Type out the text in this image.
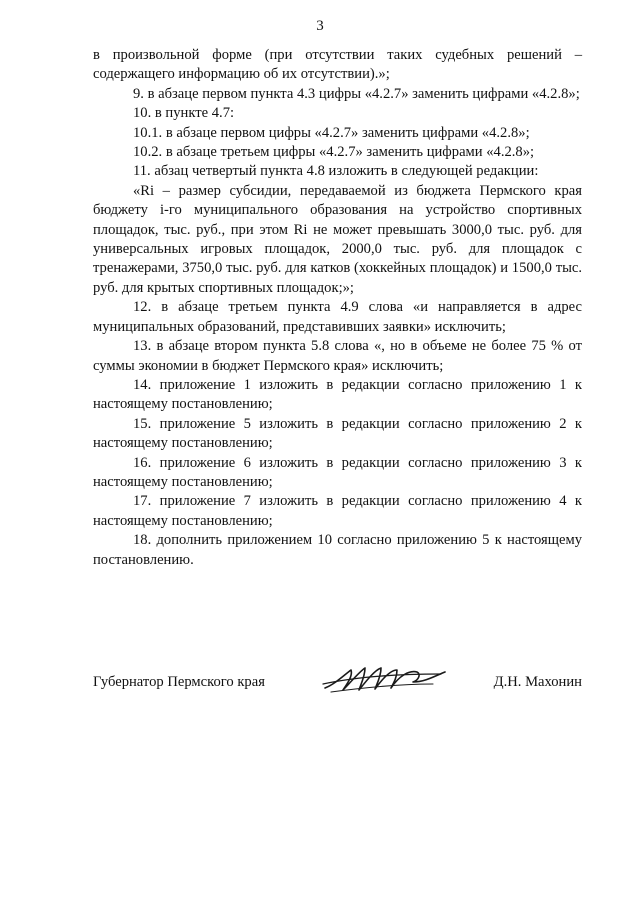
3

в произвольной форме (при отсутствии таких судебных решений – содержащего информацию об их отсутствии).»;

9. в абзаце первом пункта 4.3 цифры «4.2.7» заменить цифрами «4.2.8»;

10. в пункте 4.7:

10.1. в абзаце первом цифры «4.2.7» заменить цифрами «4.2.8»;

10.2. в абзаце третьем цифры «4.2.7» заменить цифрами «4.2.8»;

11. абзац четвертый пункта 4.8 изложить в следующей редакции:

«Ri – размер субсидии, передаваемой из бюджета Пермского края бюджету i-го муниципального образования на устройство спортивных площадок, тыс. руб., при этом Ri не может превышать 3000,0 тыс. руб. для универсальных игровых площадок, 2000,0 тыс. руб. для площадок с тренажерами, 3750,0 тыс. руб. для катков (хоккейных площадок) и 1500,0 тыс. руб. для крытых спортивных площадок;»;

12. в абзаце третьем пункта 4.9 слова «и направляется в адрес муниципальных образований, представивших заявки» исключить;

13. в абзаце втором пункта 5.8 слова «, но в объеме не более 75 % от суммы экономии в бюджет Пермского края» исключить;

14. приложение 1 изложить в редакции согласно приложению 1 к настоящему постановлению;

15. приложение 5 изложить в редакции согласно приложению 2 к настоящему постановлению;

16. приложение 6 изложить в редакции согласно приложению 3 к настоящему постановлению;

17. приложение 7 изложить в редакции согласно приложению 4 к настоящему постановлению;

18. дополнить приложением 10 согласно приложению 5 к настоящему постановлению.

Губернатор Пермского края	Д.Н. Махонин
